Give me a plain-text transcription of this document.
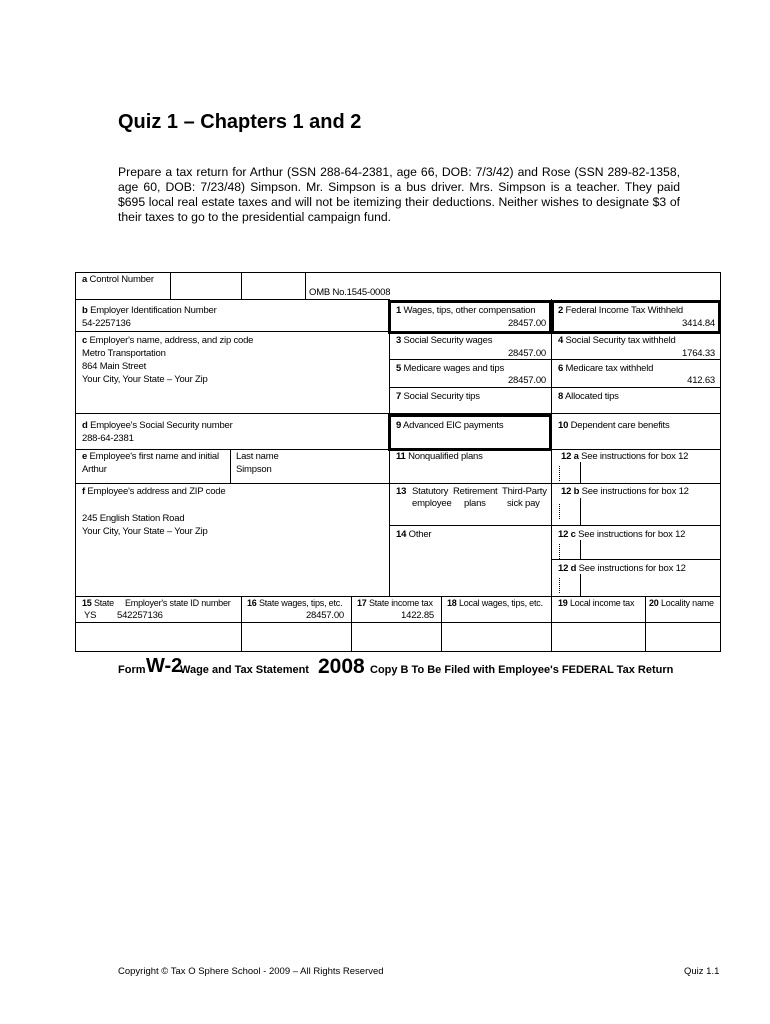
Quiz 1 – Chapters 1 and 2
Prepare a tax return for Arthur (SSN 288-64-2381, age 66, DOB: 7/3/42) and Rose (SSN 289-82-1358, age 60, DOB: 7/23/48) Simpson. Mr. Simpson is a bus driver. Mrs. Simpson is a teacher. They paid $695 local real estate taxes and will not be itemizing their deductions. Neither wishes to designate $3 of their taxes to go to the presidential campaign fund.
a Control Number
OMB No.1545-0008
b Employer Identification Number
54-2257136
c Employer's name, address, and zip code
Metro Transportation
864 Main Street
Your City, Your State – Your Zip
d Employee's Social Security number
288-64-2381
e Employee's first name and initial
Arthur
Last name
Simpson
f Employee's address and ZIP code
245 English Station Road
Your City, Your State – Your Zip
1 Wages, tips, other compensation
28457.00
2 Federal Income Tax Withheld
3414.84
3 Social Security wages
28457.00
4 Social Security tax withheld
1764.33
5 Medicare wages and tips
28457.00
6 Medicare tax withheld
412.63
7 Social Security tips	8 Allocated tips
9 Advanced EIC payments	10 Dependent care benefits
11 Nonqualified plans	12 a See instructions for box 12
13 Statutory
employee
Retirement
plans
Third-Party
sick pay
12 b See instructions for box 12
14 Other	12 c See instructions for box 12
12 d See instructions for box 12
15 State Employer's state ID number
YS 542257136
16 State wages, tips, etc.
28457.00
17 State income tax
1422.85
18 Local wages, tips, etc. 19 Local income tax 20 Locality name
Form W-2
Wage and Tax Statement 2008 Copy B To Be Filed with Employee's FEDERAL Tax Return
Copyright © Tax O Sphere School - 2009 – All Rights Reserved	Quiz 1.1
